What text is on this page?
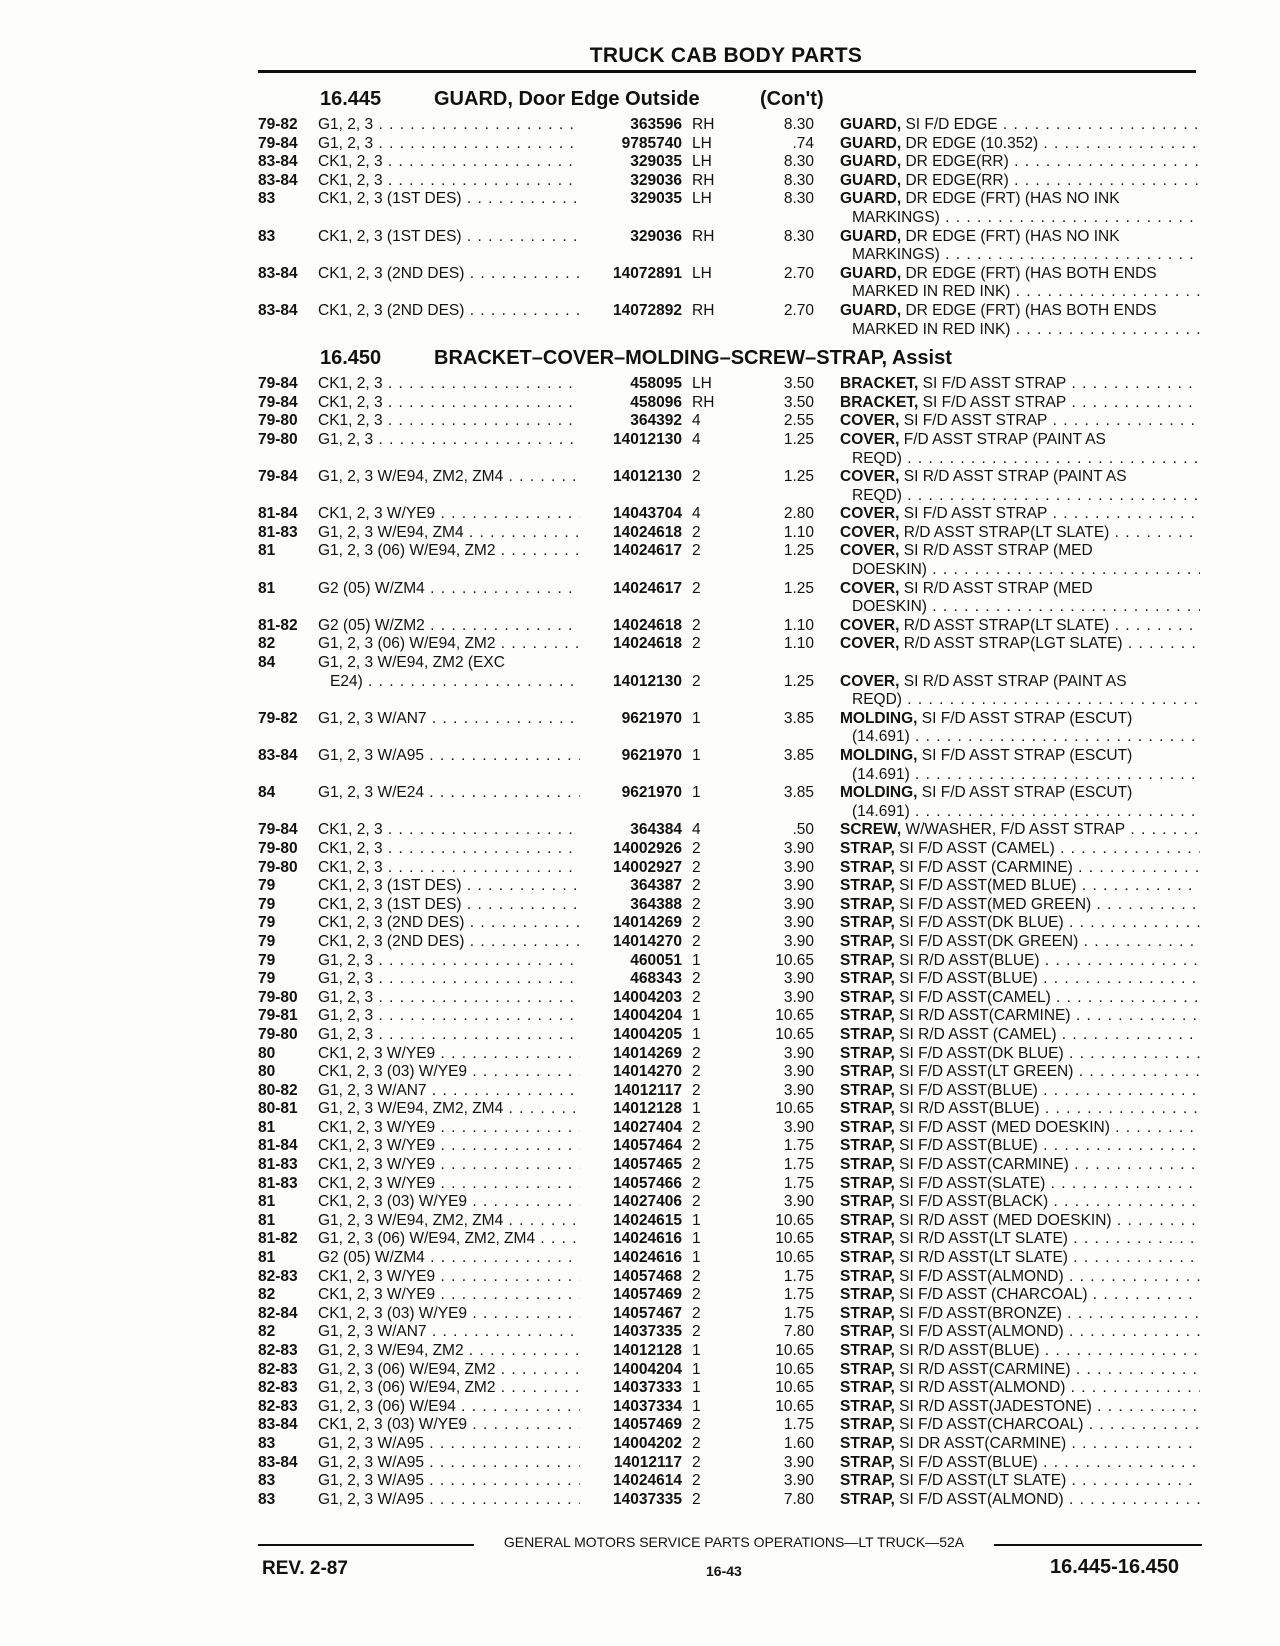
TRUCK CAB BODY PARTS
16.445	GUARD, Door Edge Outside	(Con't)
79-82	G1, 2, 3 . . .	363596 RH	8.30 GUARD, SI F/D EDGE . . .
79-84	G1, 2, 3 . . .	9785740 LH	.74 GUARD, DR EDGE (10.352) . . .
83-84	CK1, 2, 3 . . .	329035 LH	8.30 GUARD, DR EDGE(RR) . . .
83-84	CK1, 2, 3 . . .	329036 RH	8.30 GUARD, DR EDGE(RR) . . .
83	CK1, 2, 3 (1ST DES) . . .	329035 LH	8.30 GUARD, DR EDGE (FRT) (HAS NO INK
MARKINGS) . . .
83	CK1, 2, 3 (1ST DES) . . .	329036 RH	8.30 GUARD, DR EDGE (FRT) (HAS NO INK
MARKINGS) . . .
83-84	CK1, 2, 3 (2ND DES) . . .	14072891 LH	2.70 GUARD, DR EDGE (FRT) (HAS BOTH ENDS
MARKED IN RED INK) . . .
83-84	CK1, 2, 3 (2ND DES) . . .	14072892 RH	2.70 GUARD, DR EDGE (FRT) (HAS BOTH ENDS
MARKED IN RED INK) . . .
16.450	BRACKET–COVER–MOLDING–SCREW–STRAP, Assist
79-84	CK1, 2, 3 . . .	458095 LH	3.50 BRACKET, SI F/D ASST STRAP . . .
79-84	CK1, 2, 3 . . .	458096 RH	3.50 BRACKET, SI F/D ASST STRAP . . .
79-80	CK1, 2, 3 . . .	364392 4	2.55 COVER, SI F/D ASST STRAP . . .
79-80	G1, 2, 3 . . .	14012130 4	1.25 COVER, F/D ASST STRAP (PAINT AS
REQD) . . .
79-84	G1, 2, 3 W/E94, ZM2, ZM4 . . .	14012130 2	1.25 COVER, SI R/D ASST STRAP (PAINT AS
REQD) . . .
81-84	CK1, 2, 3 W/YE9 . . .	14043704 4	2.80 COVER, SI F/D ASST STRAP . . .
81-83	G1, 2, 3 W/E94, ZM4 . . .	14024618 2	1.10 COVER, R/D ASST STRAP(LT SLATE) . . .
81	G1, 2, 3 (06) W/E94, ZM2 . . .	14024617 2	1.25 COVER, SI R/D ASST STRAP (MED
DOESKIN) . . .
81	G2 (05) W/ZM4 . . .	14024617 2	1.25 COVER, SI R/D ASST STRAP (MED
DOESKIN) . . .
81-82	G2 (05) W/ZM2 . . .	14024618 2	1.10 COVER, R/D ASST STRAP(LT SLATE) . . .
82	G1, 2, 3 (06) W/E94, ZM2 . . .	14024618 2	1.10 COVER, R/D ASST STRAP(LGT SLATE) . . .
84	G1, 2, 3 W/E94, ZM2 (EXC
E24) . . .	14012130 2	1.25 COVER, SI R/D ASST STRAP (PAINT AS
REQD) . . .
79-82	G1, 2, 3 W/AN7 . . .	9621970 1	3.85 MOLDING, SI F/D ASST STRAP (ESCUT)
(14.691) . . .
83-84	G1, 2, 3 W/A95 . . .	9621970 1	3.85 MOLDING, SI F/D ASST STRAP (ESCUT)
(14.691) . . .
84	G1, 2, 3 W/E24 . . .	9621970 1	3.85 MOLDING, SI F/D ASST STRAP (ESCUT)
(14.691) . . .
79-84	CK1, 2, 3 . . .	364384 4	.50 SCREW, W/WASHER, F/D ASST STRAP . . .
79-80	CK1, 2, 3 . . .	14002926 2	3.90 STRAP, SI F/D ASST (CAMEL) . . .
79-80	CK1, 2, 3 . . .	14002927 2	3.90 STRAP, SI F/D ASST (CARMINE) . . .
79	CK1, 2, 3 (1ST DES) . . .	364387 2	3.90 STRAP, SI F/D ASST(MED BLUE) . . .
79	CK1, 2, 3 (1ST DES) . . .	364388 2	3.90 STRAP, SI F/D ASST(MED GREEN) . . .
79	CK1, 2, 3 (2ND DES) . . .	14014269 2	3.90 STRAP, SI F/D ASST(DK BLUE) . . .
79	CK1, 2, 3 (2ND DES) . . .	14014270 2	3.90 STRAP, SI F/D ASST(DK GREEN) . . .
79	G1, 2, 3 . . .	460051 1	10.65 STRAP, SI R/D ASST(BLUE) . . .
79	G1, 2, 3 . . .	468343 2	3.90 STRAP, SI F/D ASST(BLUE) . . .
79-80	G1, 2, 3 . . .	14004203 2	3.90 STRAP, SI F/D ASST(CAMEL) . . .
79-81	G1, 2, 3 . . .	14004204 1	10.65 STRAP, SI R/D ASST(CARMINE) . . .
79-80	G1, 2, 3 . . .	14004205 1	10.65 STRAP, SI R/D ASST (CAMEL) . . .
80	CK1, 2, 3 W/YE9 . . .	14014269 2	3.90 STRAP, SI F/D ASST(DK BLUE) . . .
80	CK1, 2, 3 (03) W/YE9 . . .	14014270 2	3.90 STRAP, SI F/D ASST(LT GREEN) . . .
80-82	G1, 2, 3 W/AN7 . . .	14012117 2	3.90 STRAP, SI F/D ASST(BLUE) . . .
80-81	G1, 2, 3 W/E94, ZM2, ZM4 . . .	14012128 1	10.65 STRAP, SI R/D ASST(BLUE) . . .
81	CK1, 2, 3 W/YE9 . . .	14027404 2	3.90 STRAP, SI F/D ASST (MED DOESKIN) . . .
81-84	CK1, 2, 3 W/YE9 . . .	14057464 2	1.75 STRAP, SI F/D ASST(BLUE) . . .
81-83	CK1, 2, 3 W/YE9 . . .	14057465 2	1.75 STRAP, SI F/D ASST(CARMINE) . . .
81-83	CK1, 2, 3 W/YE9 . . .	14057466 2	1.75 STRAP, SI F/D ASST(SLATE) . . .
81	CK1, 2, 3 (03) W/YE9 . . .	14027406 2	3.90 STRAP, SI F/D ASST(BLACK) . . .
81	G1, 2, 3 W/E94, ZM2, ZM4 . . .	14024615 1	10.65 STRAP, SI R/D ASST (MED DOESKIN) . . .
81-82	G1, 2, 3 (06) W/E94, ZM2, ZM4 . . .	14024616 1	10.65 STRAP, SI R/D ASST(LT SLATE) . . .
81	G2 (05) W/ZM4 . . .	14024616 1	10.65 STRAP, SI R/D ASST(LT SLATE) . . .
82-83	CK1, 2, 3 W/YE9 . . .	14057468 2	1.75 STRAP, SI F/D ASST(ALMOND) . . .
82	CK1, 2, 3 W/YE9 . . .	14057469 2	1.75 STRAP, SI F/D ASST (CHARCOAL) . . .
82-84	CK1, 2, 3 (03) W/YE9 . . .	14057467 2	1.75 STRAP, SI F/D ASST(BRONZE) . . .
82	G1, 2, 3 W/AN7 . . .	14037335 2	7.80 STRAP, SI F/D ASST(ALMOND) . . .
82-83	G1, 2, 3 W/E94, ZM2 . . .	14012128 1	10.65 STRAP, SI R/D ASST(BLUE) . . .
82-83	G1, 2, 3 (06) W/E94, ZM2 . . .	14004204 1	10.65 STRAP, SI R/D ASST(CARMINE) . . .
82-83	G1, 2, 3 (06) W/E94, ZM2 . . .	14037333 1	10.65 STRAP, SI R/D ASST(ALMOND) . . .
82-83	G1, 2, 3 (06) W/E94 . . .	14037334 1	10.65 STRAP, SI R/D ASST(JADESTONE) . . .
83-84	CK1, 2, 3 (03) W/YE9 . . .	14057469 2	1.75 STRAP, SI F/D ASST(CHARCOAL) . . .
83	G1, 2, 3 W/A95 . . .	14004202 2	1.60 STRAP, SI DR ASST(CARMINE) . . .
83-84	G1, 2, 3 W/A95 . . .	14012117 2	3.90 STRAP, SI F/D ASST(BLUE) . . .
83	G1, 2, 3 W/A95 . . .	14024614 2	3.90 STRAP, SI F/D ASST(LT SLATE) . . .
83	G1, 2, 3 W/A95 . . .	14037335 2	7.80 STRAP, SI F/D ASST(ALMOND) . . .
GENERAL MOTORS SERVICE PARTS OPERATIONS—LT TRUCK—52A
REV. 2-87	16-43	16.445-16.450
